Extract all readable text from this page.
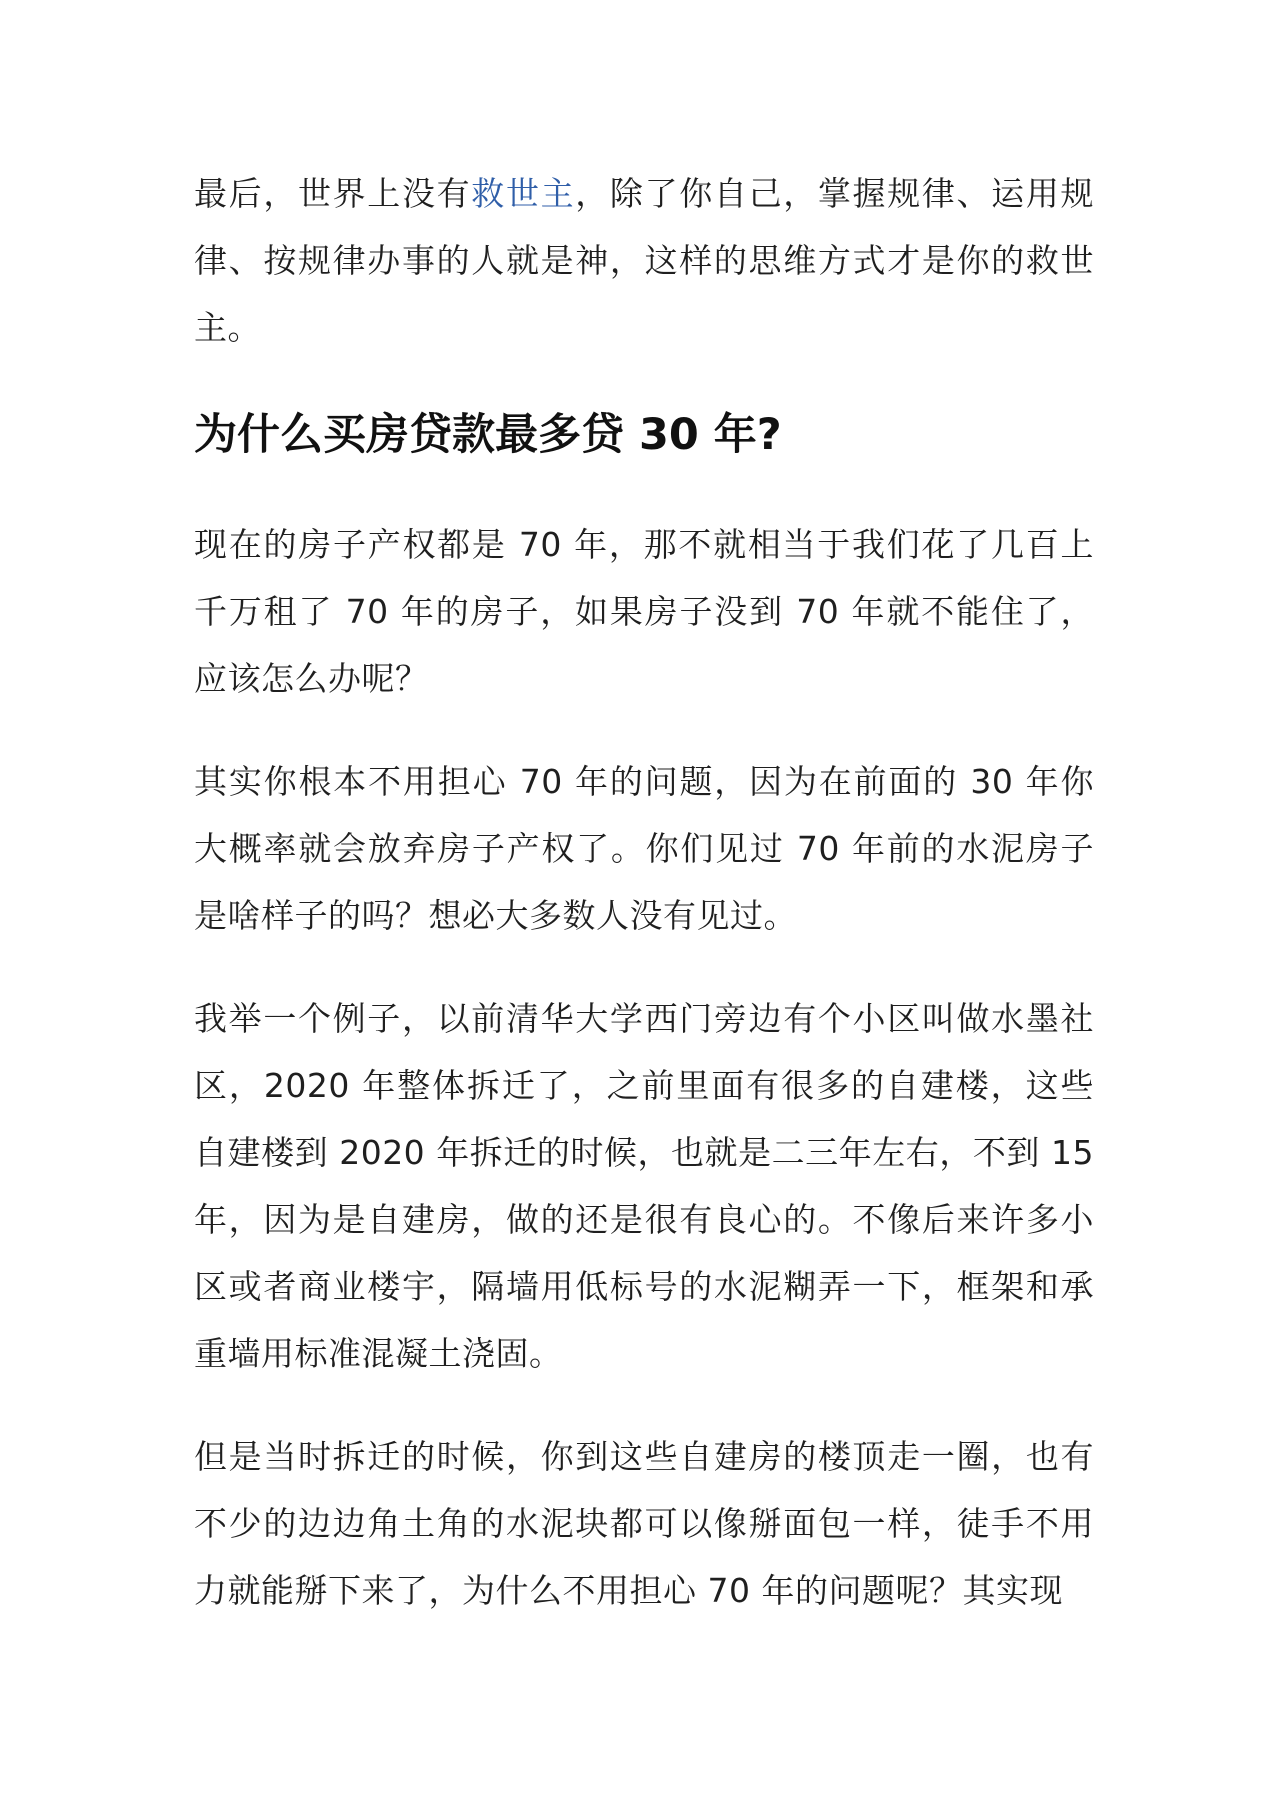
最后，世界上没有救世主，除了你自己，掌握规律、运用规律、按规律办事的人就是神，这样的思维方式才是你的救世主。

为什么买房贷款最多贷 30 年?

现在的房子产权都是 70 年，那不就相当于我们花了几百上千万租了 70 年的房子，如果房子没到 70 年就不能住了，应该怎么办呢？

其实你根本不用担心 70 年的问题，因为在前面的 30 年你大概率就会放弃房子产权了。你们见过 70 年前的水泥房子是啥样子的吗？想必大多数人没有见过。

我举一个例子，以前清华大学西门旁边有个小区叫做水墨社区，2020 年整体拆迁了，之前里面有很多的自建楼，这些自建楼到 2020 年拆迁的时候，也就是二三年左右，不到 15 年，因为是自建房，做的还是很有良心的。不像后来许多小区或者商业楼宇，隔墙用低标号的水泥糊弄一下，框架和承重墙用标准混凝土浇固。

但是当时拆迁的时候，你到这些自建房的楼顶走一圈，也有不少的边边角土角的水泥块都可以像掰面包一样，徒手不用力就能掰下来了，为什么不用担心 70 年的问题呢？其实现
